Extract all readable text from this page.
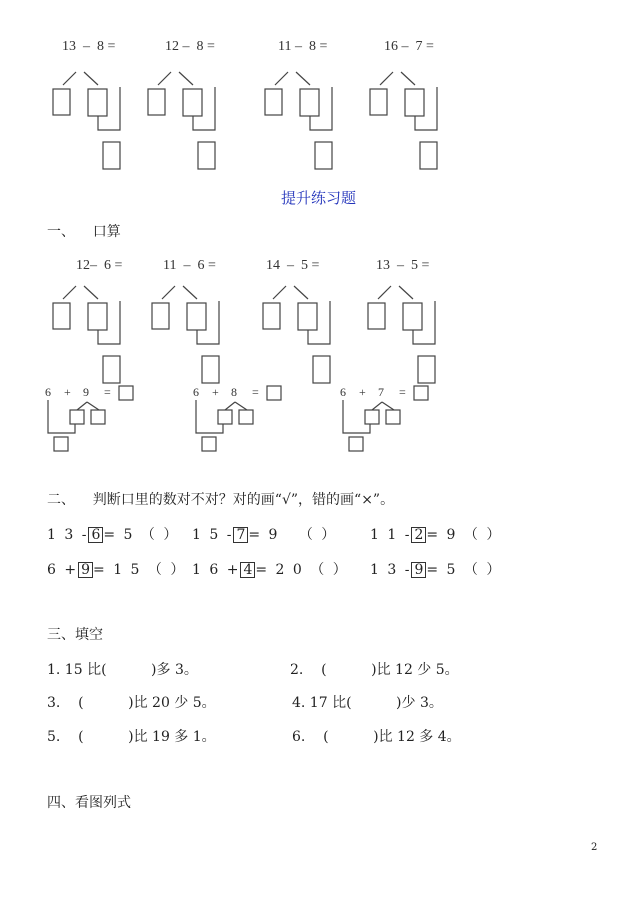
13  –  8 =	12 –  8 =	11 –  8 =	16 –  7 =
提升练习题
一、    口算
12–  6 =	11  –  6 =	14  –  5 =	13  –  5 =
6 + 9 =	6 + 8 =	6 + 7 =
二、    判断口里的数对不对？对的画“√”，错的画“×”。
1 3 - 6 = 5 （ ） 1 5 - 7 = 9   （ ） 1 1 - 2 = 9 （ ）
6 + 9 = 1 5 （ ） 1 6 + 4 = 2 0 （ ） 1 3 - 9 = 5 （ ）
三、填空
1. 15 比(          )多 3。	2.    (          )比 12 少 5。
3.    (          )比 20 少 5。	4. 17 比(          )少 3。
5.    (          )比 19 多 1。	6.    (          )比 12 多 4。
四、看图列式
2
